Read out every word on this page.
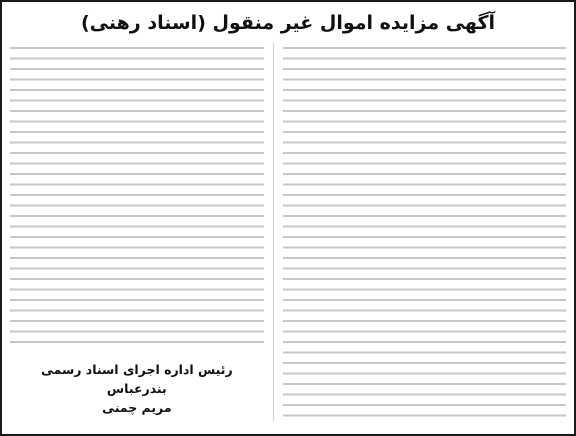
آگهی مزایده اموال غیر منقول (اسناد رهنی)

رئیس اداره اجرای اسناد رسمی بندرعباس
مریم چمنی
